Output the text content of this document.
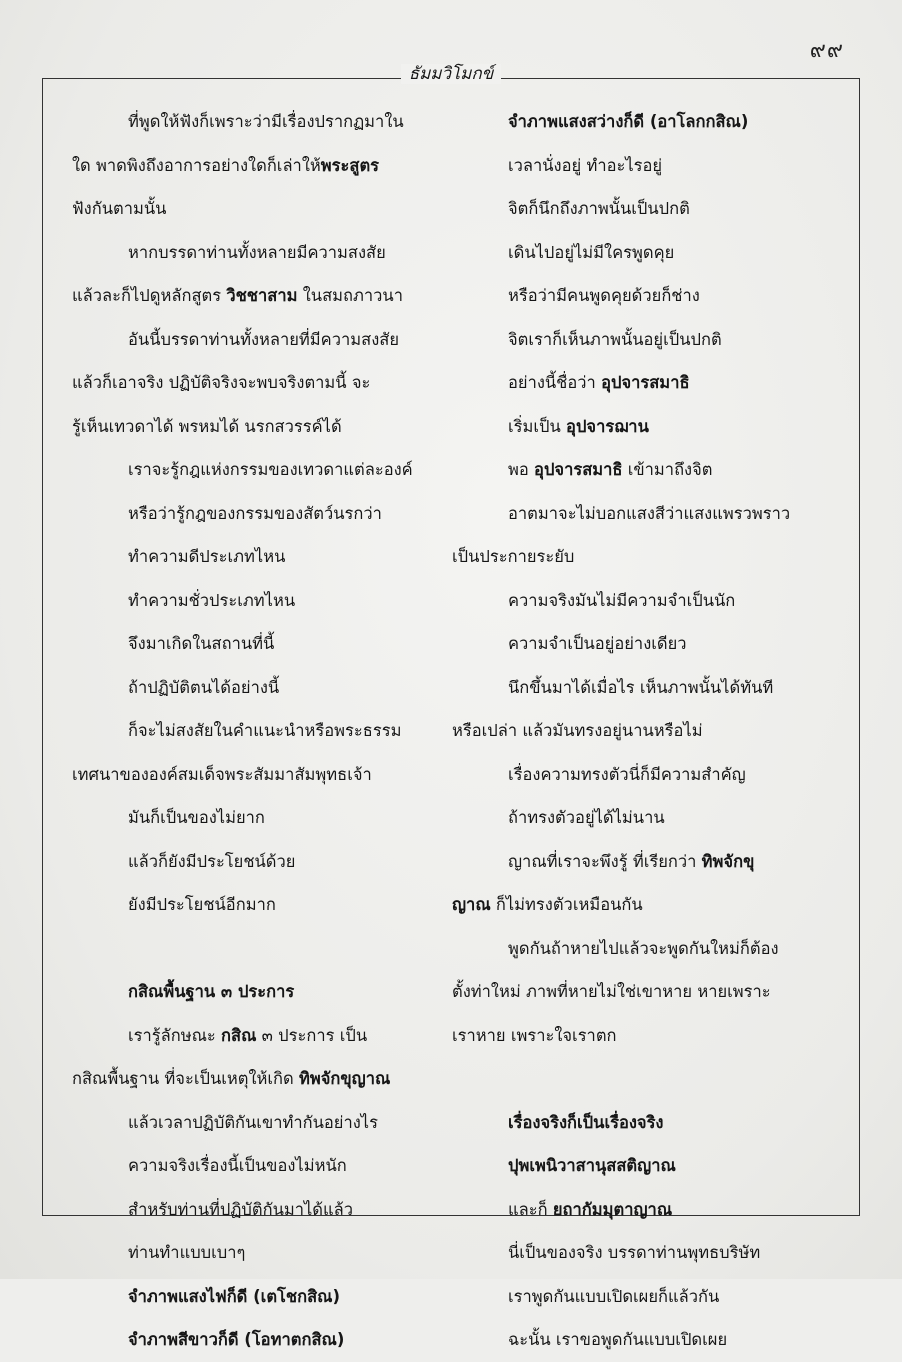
๙๙
ธัมมวิโมกข์
ที่พูดให้ฟังก็เพราะว่ามีเรื่องปรากฏมาใน
ใด พาดพิงถึงอาการอย่างใดก็เล่าให้พระสูตร
ฟังกันตามนั้น
หากบรรดาท่านทั้งหลายมีความสงสัย
แล้วละก็ไปดูหลักสูตร วิชชาสาม ในสมถภาวนา
อันนี้บรรดาท่านทั้งหลายที่มีความสงสัย
แล้วก็เอาจริง ปฏิบัติจริงจะพบจริงตามนี้ จะ
รู้เห็นเทวดาได้ พรหมได้ นรกสวรรค์ได้
เราจะรู้กฎแห่งกรรมของเทวดาแต่ละองค์
หรือว่ารู้กฎของกรรมของสัตว์นรกว่า
ทำความดีประเภทไหน
ทำความชั่วประเภทไหน
จึงมาเกิดในสถานที่นี้
ถ้าปฏิบัติตนได้อย่างนี้
ก็จะไม่สงสัยในคำแนะนำหรือพระธรรม
เทศนาขององค์สมเด็จพระสัมมาสัมพุทธเจ้า
มันก็เป็นของไม่ยาก
แล้วก็ยังมีประโยชน์ด้วย
ยังมีประโยชน์อีกมาก
กสิณพื้นฐาน ๓ ประการ
เรารู้ลักษณะ กสิณ ๓ ประการ เป็น
กสิณพื้นฐาน ที่จะเป็นเหตุให้เกิด ทิพจักขุญาณ
แล้วเวลาปฏิบัติกันเขาทำกันอย่างไร
ความจริงเรื่องนี้เป็นของไม่หนัก
สำหรับท่านที่ปฏิบัติกันมาได้แล้ว
ท่านทำแบบเบาๆ
จำภาพแสงไฟก็ดี (เตโชกสิณ)
จำภาพสีขาวก็ดี (โอทาตกสิณ)
จำภาพแสงสว่างก็ดี (อาโลกกสิณ)
เวลานั่งอยู่ ทำอะไรอยู่
จิตก็นึกถึงภาพนั้นเป็นปกติ
เดินไปอยู่ไม่มีใครพูดคุย
หรือว่ามีคนพูดคุยด้วยก็ช่าง
จิตเราก็เห็นภาพนั้นอยู่เป็นปกติ
อย่างนี้ชื่อว่า อุปจารสมาธิ
เริ่มเป็น อุปจารฌาน
พอ อุปจารสมาธิ เข้ามาถึงจิต
อาตมาจะไม่บอกแสงสีว่าแสงแพรวพราว
เป็นประกายระยับ
ความจริงมันไม่มีความจำเป็นนัก
ความจำเป็นอยู่อย่างเดียว
นึกขึ้นมาได้เมื่อไร เห็นภาพนั้นได้ทันที
หรือเปล่า แล้วมันทรงอยู่นานหรือไม่
เรื่องความทรงตัวนี่ก็มีความสำคัญ
ถ้าทรงตัวอยู่ได้ไม่นาน
ญาณที่เราจะพึงรู้ ที่เรียกว่า ทิพจักขุ
ญาณ ก็ไม่ทรงตัวเหมือนกัน
พูดกันถ้าหายไปแล้วจะพูดกันใหม่ก็ต้อง
ตั้งท่าใหม่ ภาพที่หายไม่ใช่เขาหาย หายเพราะ
เราหาย เพราะใจเราตก
เรื่องจริงก็เป็นเรื่องจริง
ปุพเพนิวาสานุสสติญาณ
และก็ ยถากัมมุตาญาณ
นี่เป็นของจริง บรรดาท่านพุทธบริษัท
เราพูดกันแบบเปิดเผยก็แล้วกัน
ฉะนั้น เราขอพูดกันแบบเปิดเผย
